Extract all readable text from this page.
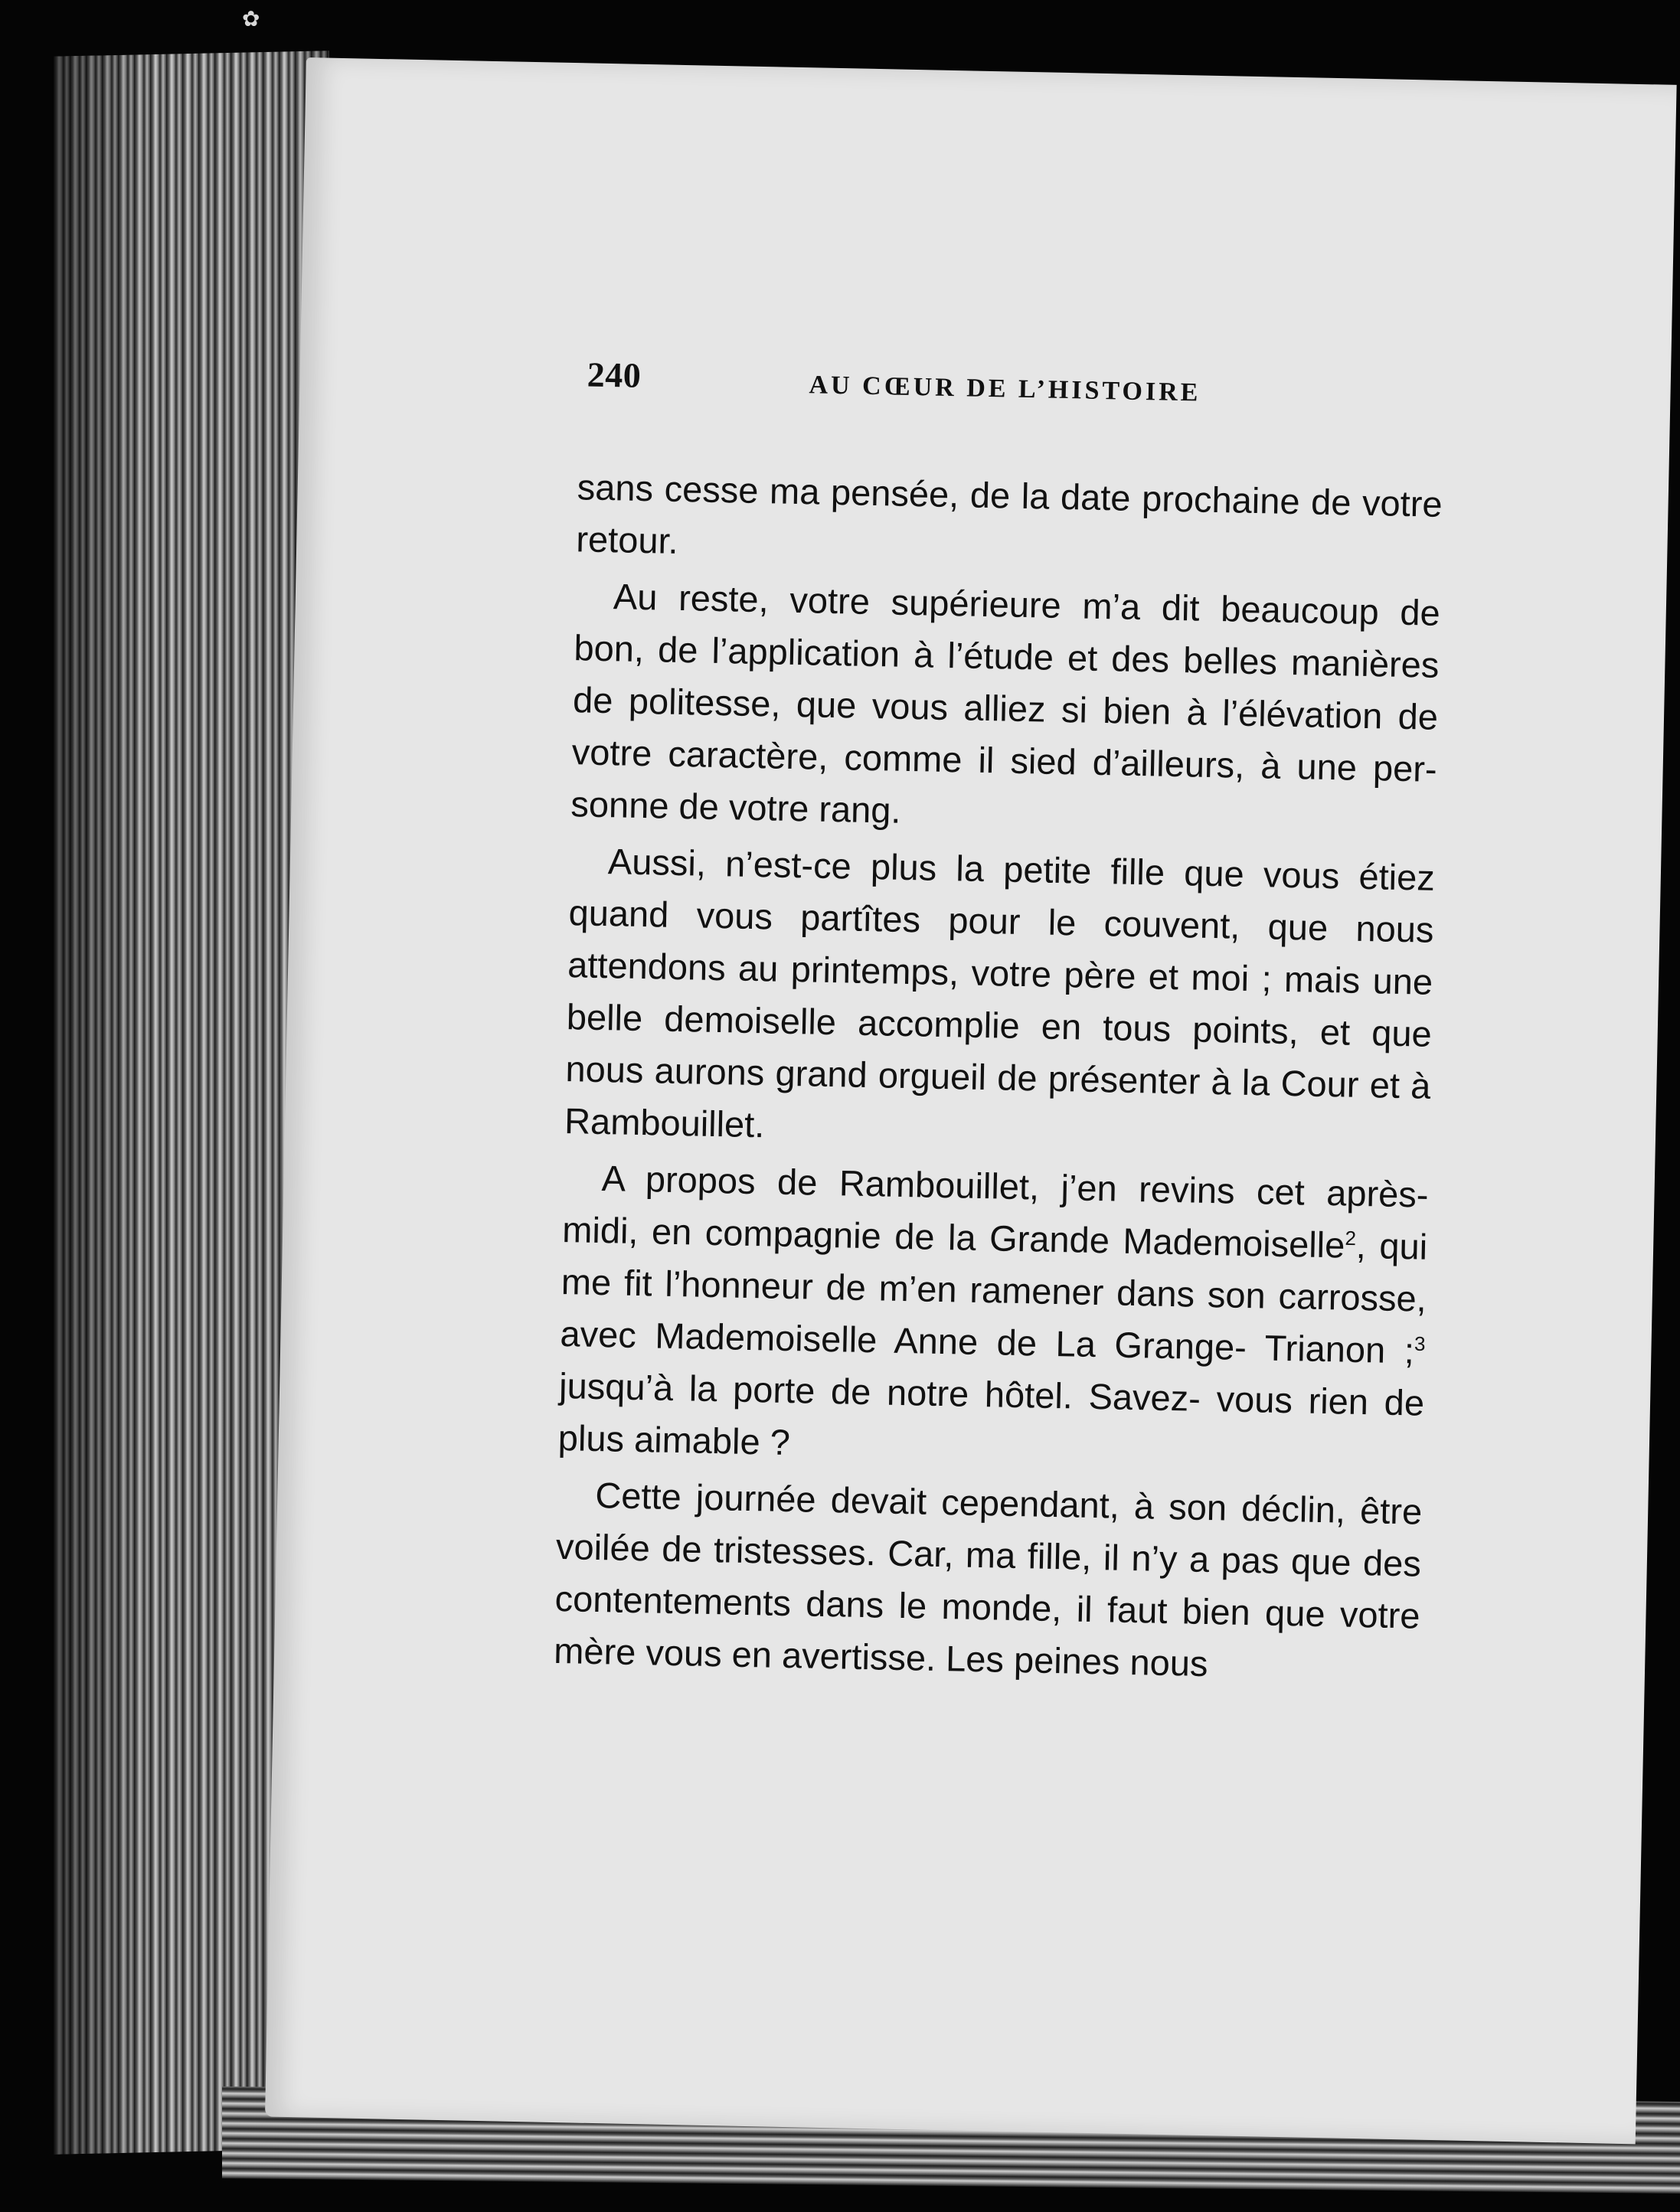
✿
240	AU CŒUR DE L’HISTOIRE

sans cesse ma pensée, de la date prochaine de votre retour.

Au reste, votre supérieure m’a dit beaucoup de bon, de l’application à l’étude et des belles manières de politesse, que vous alliez si bien à l’élévation de votre caractère, comme il sied d’ailleurs, à une per- sonne de votre rang.

Aussi, n’est-ce plus la petite fille que vous étiez quand vous partîtes pour le couvent, que nous attendons au printemps, votre père et moi ; mais une belle demoiselle accomplie en tous points, et que nous aurons grand orgueil de présenter à la Cour et à Rambouillet.

A propos de Rambouillet, j’en revins cet après- midi, en compagnie de la Grande Mademoiselle$^2$, qui me fit l’honneur de m’en ramener dans son carrosse, avec Mademoiselle Anne de La Grange- Trianon ;$^3$ jusqu’à la porte de notre hôtel. Savez- vous rien de plus aimable ?

Cette journée devait cependant, à son déclin, être voilée de tristesses. Car, ma fille, il n’y a pas que des contentements dans le monde, il faut bien que votre mère vous en avertisse. Les peines nous
